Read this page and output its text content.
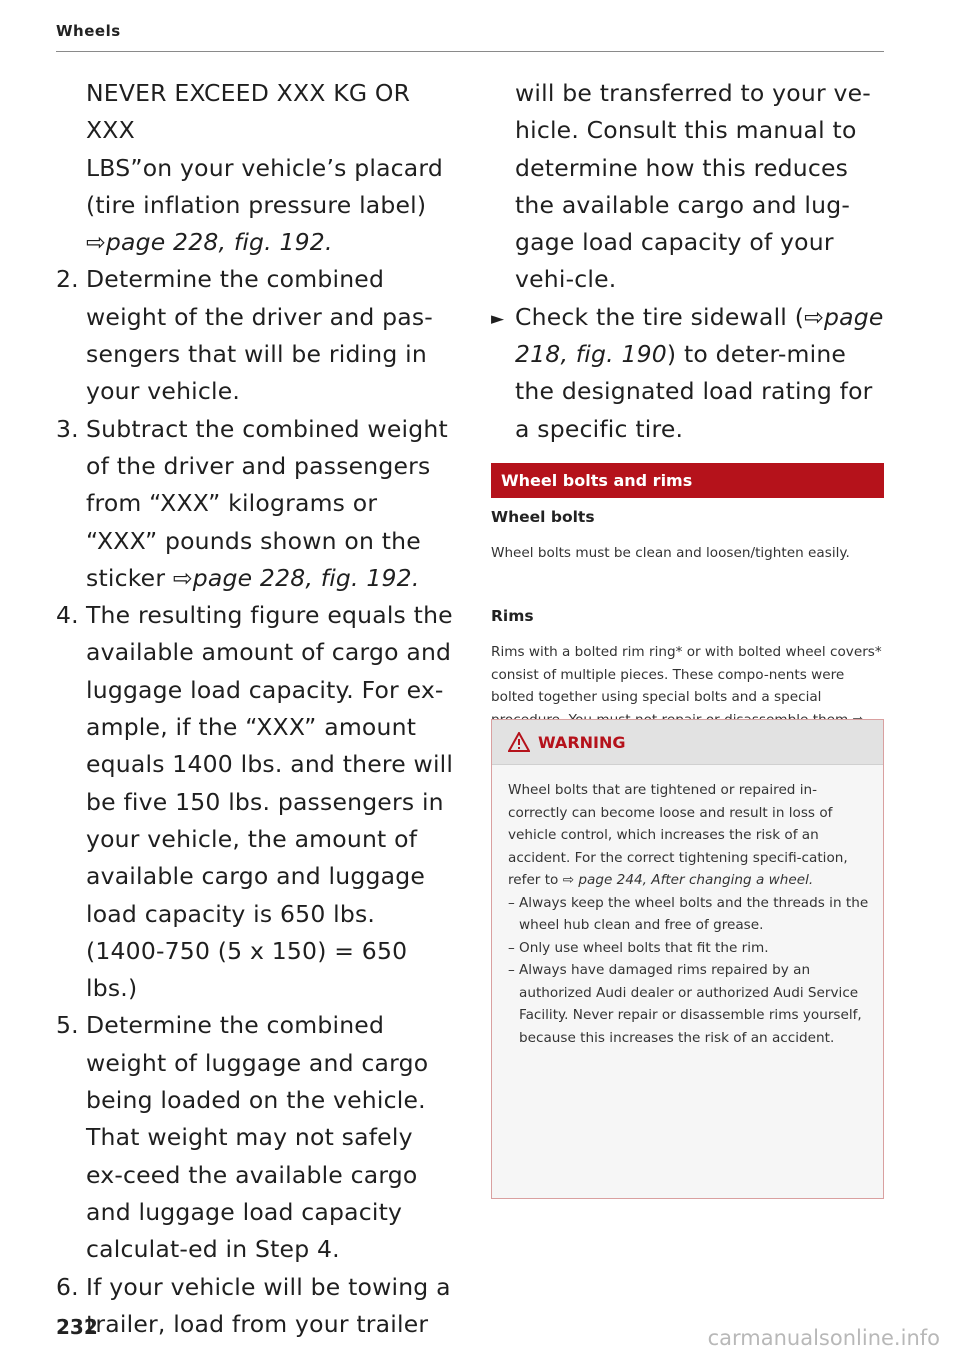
Wheels
NEVER EXCEED XXX KG OR XXX
LBS”on your vehicle’s placard
(tire inflation pressure label)
⇨page 228, fig. 192.
2. Determine the combined weight of the driver and pas-sengers that will be riding in your vehicle.
3. Subtract the combined weight of the driver and passengers from “XXX” kilograms or “XXX” pounds shown on the sticker ⇨page 228, fig. 192.
4. The resulting figure equals the available amount of cargo and luggage load capacity. For ex-ample, if the “XXX” amount equals 1400 lbs. and there will be five 150 lbs. passengers in your vehicle, the amount of available cargo and luggage load capacity is 650 lbs. (1400-750 (5 x 150) = 650 lbs.)
5. Determine the combined weight of luggage and cargo being loaded on the vehicle. That weight may not safely ex-ceed the available cargo and luggage load capacity calculat-ed in Step 4.
6. If your vehicle will be towing a trailer, load from your trailer
will be transferred to your ve-hicle. Consult this manual to determine how this reduces the available cargo and lug-gage load capacity of your vehi-cle.
► Check the tire sidewall (⇨page 218, fig. 190) to deter-mine the designated load rating for a specific tire.
Wheel bolts and rims
Wheel bolts
Wheel bolts must be clean and loosen/tighten easily.
Rims
Rims with a bolted rim ring* or with bolted wheel covers* consist of multiple pieces. These compo-nents were bolted together using special bolts and a special
WARNING
Wheel bolts that are tightened or repaired in-correctly can become loose and result in loss of vehicle control, which increases the risk of an accident. For the correct tightening specifi-cation, refer to ⇨ page 244, After changing a wheel.
– Always keep the wheel bolts and the threads in the wheel hub clean and free of grease.
– Only use wheel bolts that fit the rim.
– Always have damaged rims repaired by an authorized Audi dealer or authorized Audi Service Facility. Never repair or disassemble rims yourself, because this increases the risk of an accident.
232	carmanualsonline.info
